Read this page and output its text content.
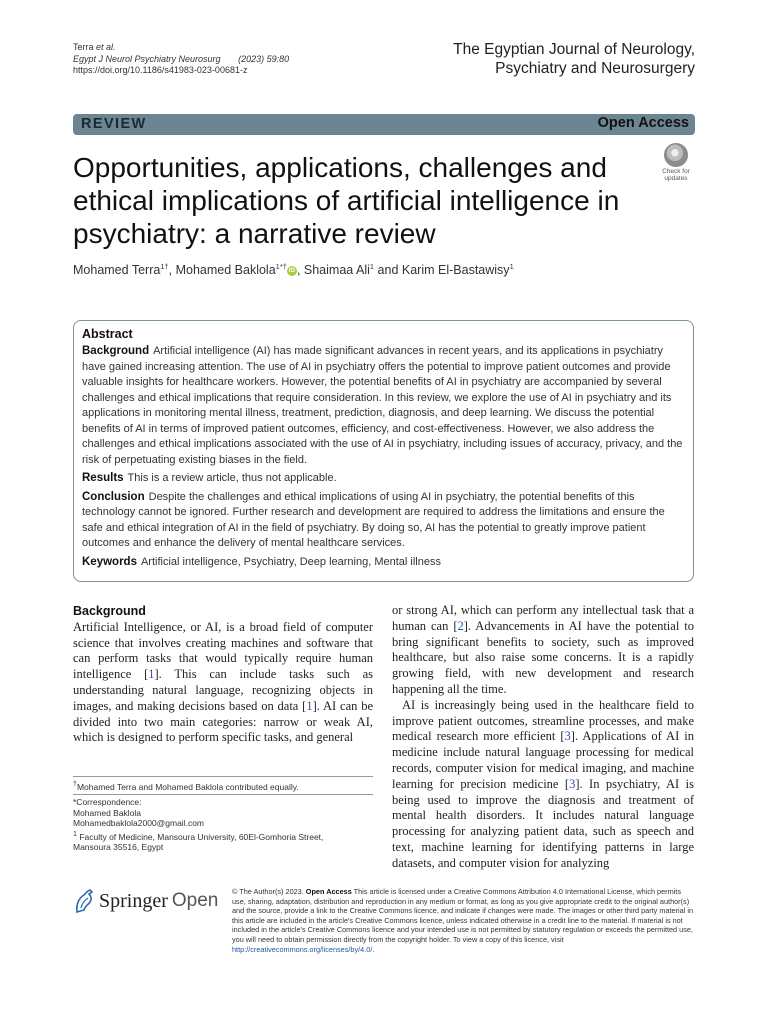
Terra et al.
Egypt J Neurol Psychiatry Neurosurg (2023) 59:80
https://doi.org/10.1186/s41983-023-00681-z
The Egyptian Journal of Neurology,
Psychiatry and Neurosurgery
REVIEW	Open Access
Opportunities, applications, challenges and ethical implications of artificial intelligence in psychiatry: a narrative review
Check for
updates
Mohamed Terra$^{1\dagger}$, Mohamed Baklola$^{1*\dagger}$ iD , Shaimaa Ali$^1$ and Karim El-Bastawisy$^1$
Abstract

Background Artificial intelligence (AI) has made significant advances in recent years, and its applications in psychiatry have gained increasing attention. The use of AI in psychiatry offers the potential to improve patient outcomes and provide valuable insights for healthcare workers. However, the potential benefits of AI in psychiatry are accompanied by several challenges and ethical implications that require consideration. In this review, we explore the use of AI in psychiatry and its applications in monitoring mental illness, treatment, prediction, diagnosis, and deep learning. We discuss the potential benefits of AI in terms of improved patient outcomes, efficiency, and cost-effectiveness. However, we also address the challenges and ethical implications associated with the use of AI in psychiatry, including issues of accuracy, privacy, and the risk of perpetuating existing biases in the field.

Results This is a review article, thus not applicable.

Conclusion Despite the challenges and ethical implications of using AI in psychiatry, the potential benefits of this technology cannot be ignored. Further research and development are required to address the limitations and ensure the safe and ethical integration of AI in the field of psychiatry. By doing so, AI has the potential to greatly improve patient outcomes and enhance the delivery of mental healthcare services.

Keywords Artificial intelligence, Psychiatry, Deep learning, Mental illness

Background

Artificial Intelligence, or AI, is a broad field of computer science that involves creating machines and software that can perform tasks that would typically require human intelligence [1]. This can include tasks such as understanding natural language, recognizing objects in images, and making decisions based on data [1]. AI can be divided into two main categories: narrow or weak AI, which is designed to perform specific tasks, and general

or strong AI, which can perform any intellectual task that a human can [2]. Advancements in AI have the potential to bring significant benefits to society, such as improved healthcare, but also raise some concerns. It is a rapidly growing field, with new development and research happening all the time.

AI is increasingly being used in the healthcare field to improve patient outcomes, streamline processes, and make medical research more efficient [3]. Applications of AI in medicine include natural language processing for medical records, computer vision for medical imaging, and machine learning for precision medicine [3]. In psychiatry, AI is being used to improve the diagnosis and treatment of mental health disorders. It includes natural language processing for analyzing patient data, such as speech and text, machine learning for identifying patterns in large datasets, and computer vision for analyzing

†Mohamed Terra and Mohamed Baklola contributed equally.
*Correspondence:
Mohamed Baklola
Mohamedbaklola2000@gmail.com
$^1$ Faculty of Medicine, Mansoura University, 60El-Gomhoria Street,
Mansoura 35516, Egypt
Springer Open © The Author(s) 2023. Open Access This article is licensed under a Creative Commons Attribution 4.0 International License, which permits use, sharing, adaptation, distribution and reproduction in any medium or format, as long as you give appropriate credit to the original author(s) and the source, provide a link to the Creative Commons licence, and indicate if changes were made. The images or other third party material in this article are included in the article's Creative Commons licence, unless indicated otherwise in a credit line to the material. If material is not included in the article's Creative Commons licence and your intended use is not permitted by statutory regulation or exceeds the permitted use, you will need to obtain permission directly from the copyright holder. To view a copy of this licence, visit http://creativecommons.org/licenses/by/4.0/.
